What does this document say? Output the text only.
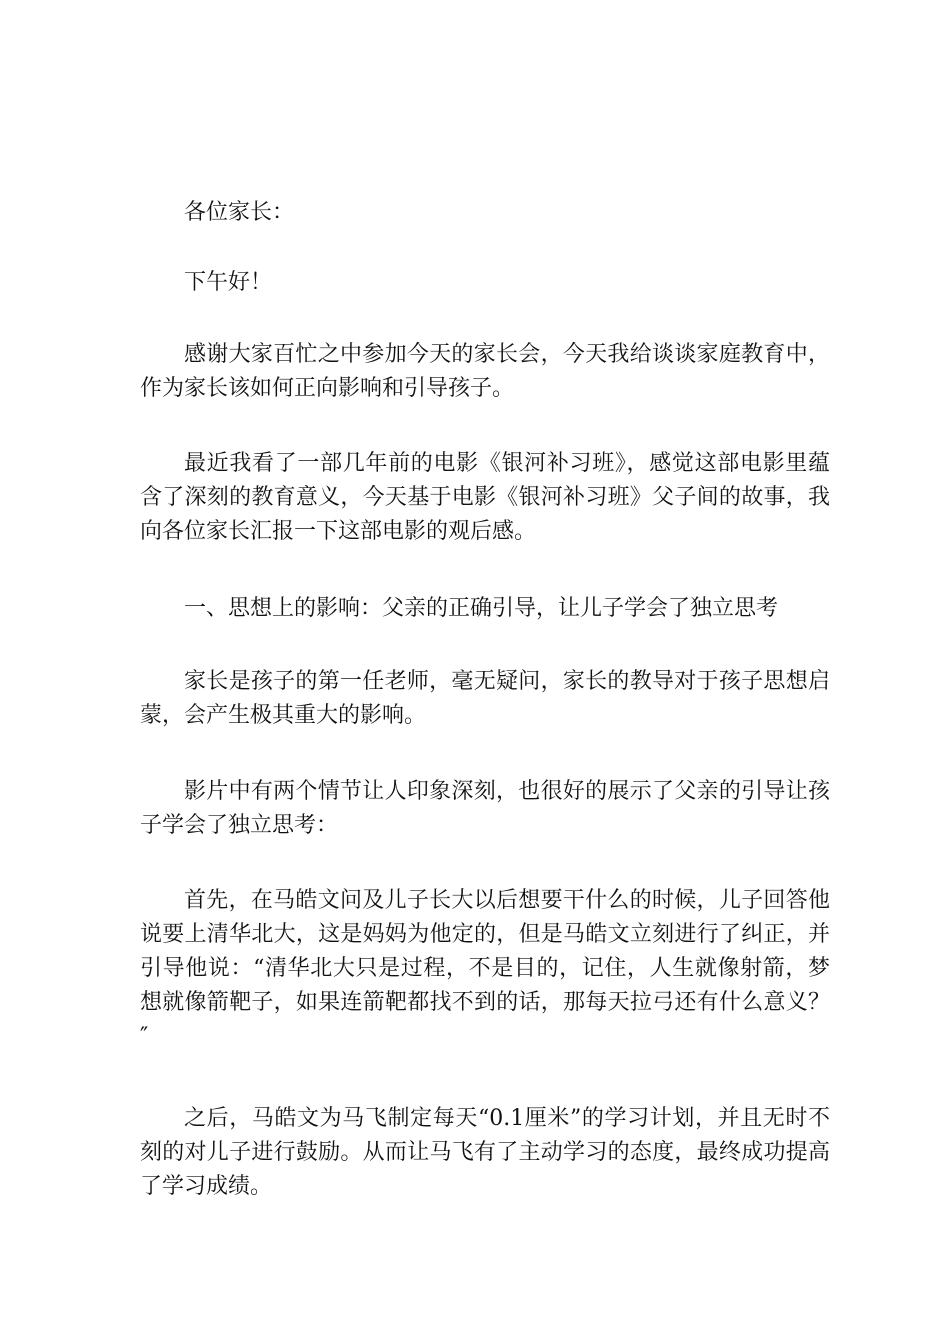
各位家长：

下午好！

感谢大家百忙之中参加今天的家长会，今天我给谈谈家庭教育中，作为家长该如何正向影响和引导孩子。

最近我看了一部几年前的电影《银河补习班》，感觉这部电影里蕴含了深刻的教育意义，今天基于电影《银河补习班》父子间的故事，我向各位家长汇报一下这部电影的观后感。

一、思想上的影响：父亲的正确引导，让儿子学会了独立思考

家长是孩子的第一任老师，毫无疑问，家长的教导对于孩子思想启蒙，会产生极其重大的影响。

影片中有两个情节让人印象深刻，也很好的展示了父亲的引导让孩子学会了独立思考：

首先，在马皓文问及儿子长大以后想要干什么的时候，儿子回答他说要上清华北大，这是妈妈为他定的，但是马皓文立刻进行了纠正，并引导他说：“清华北大只是过程，不是目的，记住，人生就像射箭，梦想就像箭靶子，如果连箭靶都找不到的话，那每天拉弓还有什么意义？″

之后，马皓文为马飞制定每天“0.1厘米”的学习计划，并且无时不刻的对儿子进行鼓励。从而让马飞有了主动学习的态度，最终成功提高了学习成绩。
